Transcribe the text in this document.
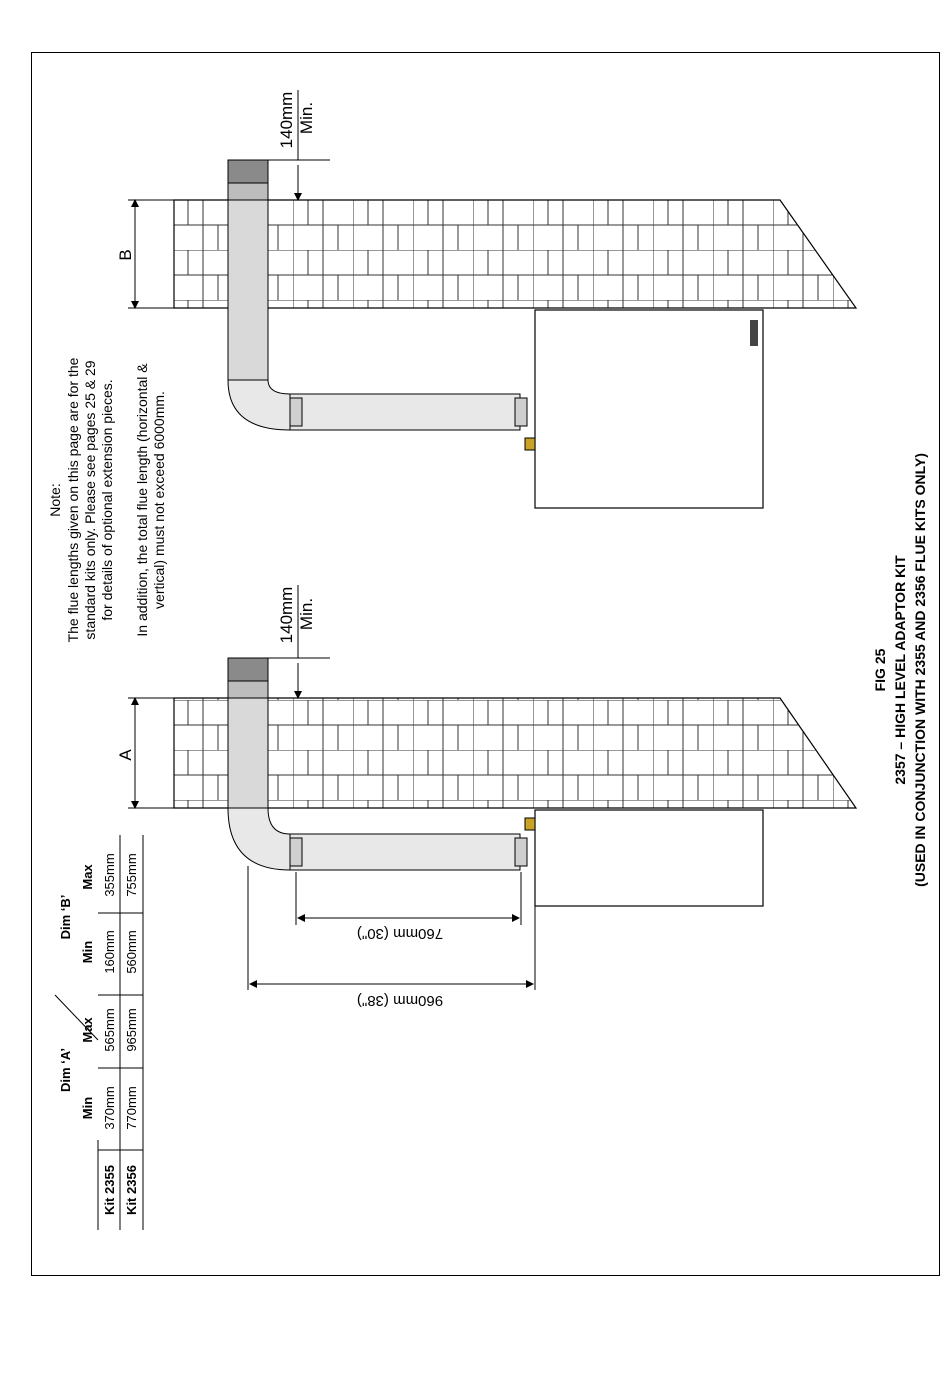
B
A
140mm Min.
140mm Min.
760mm (30")
960mm (38")
Note: The flue lengths given on this page are for the standard kits only. Please see pages 25 & 29 for details of optional extension pieces. In addition, the total flue length (horizontal & vertical) must not exceed 6000mm.
FIG 25 2357 – HIGH LEVEL ADAPTOR KIT (USED IN CONJUNCTION WITH 2355 AND 2356 FLUE KITS ONLY)
Dim ‘A’
Dim ‘B’
Min
Max
Min
Max
Kit 2355
370mm
565mm
160mm
355mm
Kit 2356
770mm
965mm
560mm
755mm
